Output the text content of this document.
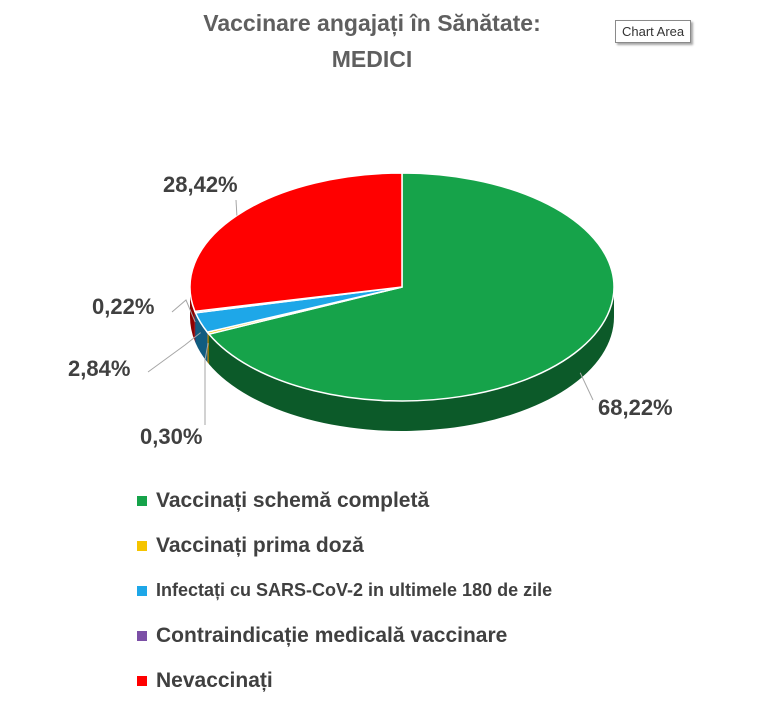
Vaccinare angajați în Sănătate:
MEDICI
Chart Area
68,22%
0,30%
2,84%
0,22%
28,42%
Vaccinați schemă completă
Vaccinați prima doză
Infectați cu SARS-CoV-2 in ultimele 180 de zile
Contraindicație medicală vaccinare
Nevaccinați
